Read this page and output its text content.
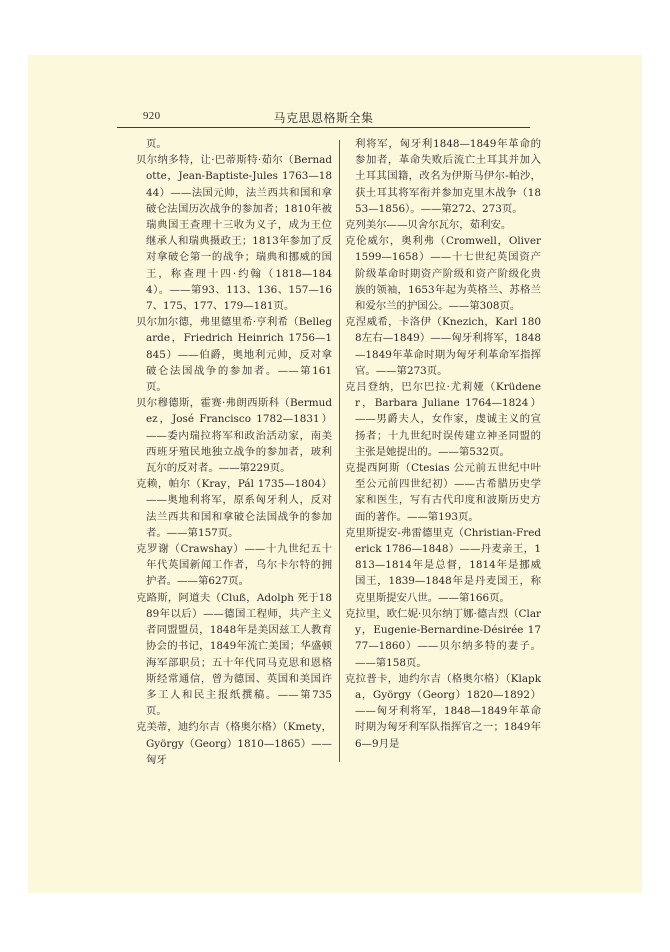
920	马克思恩格斯全集

页。

贝尔纳多特，让·巴蒂斯特·茹尔（Bernadotte，Jean-Baptiste-Jules 1763—1844）——法国元帅，法兰西共和国和拿破仑法国历次战争的参加者；1810年被瑞典国王查理十三收为义子，成为王位继承人和瑞典摄政王；1813年参加了反对拿破仑第一的战争；瑞典和挪威的国王，称查理十四·约翰（1818—1844）。——第93、113、136、157—167、175、177、179—181页。

贝尔加尔德，弗里德里希·亨利希（Bellegarde，Friedrich Heinrich 1756—1845）——伯爵，奥地利元帅，反对拿破仑法国战争的参加者。——第161页。

贝尔穆德斯，霍赛·弗朗西斯科（Bermudez，José Francisco 1782—1831）——委内瑞拉将军和政治活动家，南美西班牙殖民地独立战争的参加者，玻利瓦尔的反对者。——第229页。

克赖，帕尔（Kray，Pál 1735—1804）——奥地利将军，原系匈牙利人，反对法兰西共和国和拿破仑法国战争的参加者。——第157页。

克罗谢（Crawshay）——十九世纪五十年代英国新闻工作者，乌尔卡尔特的拥护者。——第627页。

克路斯，阿道夫（Cluß，Adolph 死于1889年以后）——德国工程师，共产主义者同盟盟员，1848年是美因兹工人教育协会的书记，1849年流亡美国；华盛顿海军部职员；五十年代同马克思和恩格斯经常通信，曾为德国、英国和美国许多工人和民主报纸撰稿。——第735页。

克美蒂，迪约尔吉（格奥尔格）（Kmety，György（Georg）1810—1865）——匈牙

利将军，匈牙利1848—1849年革命的参加者，革命失败后流亡土耳其并加入土耳其国籍，改名为伊斯马伊尔-帕沙，获土耳其将军衔并参加克里木战争（1853—1856）。——第272、273页。

克列美尔——贝舍尔瓦尔，茹利安。

克伦威尔，奥利弗（Cromwell，Oliver 1599—1658）——十七世纪英国资产阶级革命时期资产阶级和资产阶级化贵族的领袖，1653年起为英格兰、苏格兰和爱尔兰的护国公。——第308页。

克涅威希，卡洛伊（Knezich，Karl 1808左右—1849）——匈牙利将军，1848—1849年革命时期为匈牙利革命军指挥官。——第273页。

克吕登纳，巴尔巴拉·尤莉娅（Krüdener，Barbara Juliane 1764—1824）——男爵夫人，女作家，虔诚主义的宣扬者；十九世纪时误传建立神圣同盟的主张是她提出的。——第532页。

克提西阿斯（Ctesias 公元前五世纪中叶至公元前四世纪初）——古希腊历史学家和医生，写有古代印度和波斯历史方面的著作。——第193页。

克里斯提安-弗雷德里克（Christian-Frederick 1786—1848）——丹麦亲王，1813—1814年是总督，1814年是挪威国王，1839—1848年是丹麦国王，称克里斯提安八世。——第166页。

克拉里，欧仁妮·贝尔纳丁娜·德吉烈（Clary，Eugenie-Bernardine-Désirée 1777—1860）——贝尔纳多特的妻子。——第158页。

克拉普卡，迪约尔吉（格奥尔格）（Klapka，György（Georg）1820—1892）——匈牙利将军，1848—1849年革命时期为匈牙利军队指挥官之一；1849年6—9月是
